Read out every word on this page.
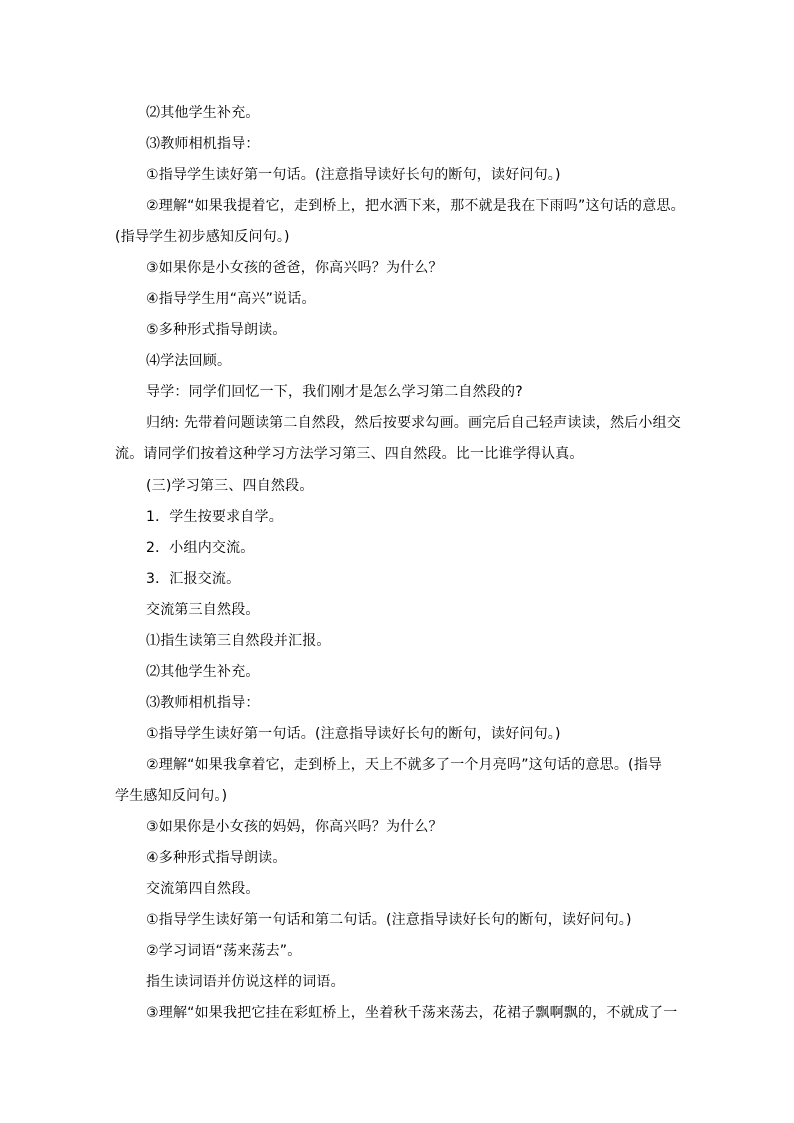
⑵其他学生补充。
⑶教师相机指导：
①指导学生读好第一句话。(注意指导读好长句的断句，读好问句。)
②理解“如果我提着它，走到桥上，把水洒下来，那不就是我在下雨吗”这句话的意思。
(指导学生初步感知反问句。)
③如果你是小女孩的爸爸，你高兴吗？为什么？
④指导学生用“高兴”说话。
⑤多种形式指导朗读。
⑷学法回顾。
导学：同学们回忆一下，我们刚才是怎么学习第二自然段的?
归纳: 先带着问题读第二自然段，然后按要求勾画。画完后自己轻声读读，然后小组交
流。请同学们按着这种学习方法学习第三、四自然段。比一比谁学得认真。
(三)学习第三、四自然段。
1．学生按要求自学。
2．小组内交流。
3．汇报交流。
交流第三自然段。
⑴指生读第三自然段并汇报。
⑵其他学生补充。
⑶教师相机指导：
①指导学生读好第一句话。(注意指导读好长句的断句，读好问句。)
②理解“如果我拿着它，走到桥上，天上不就多了一个月亮吗”这句话的意思。(指导
学生感知反问句。)
③如果你是小女孩的妈妈，你高兴吗？为什么？
④多种形式指导朗读。
交流第四自然段。
①指导学生读好第一句话和第二句话。(注意指导读好长句的断句，读好问句。)
②学习词语“荡来荡去”。
指生读词语并仿说这样的词语。
③理解“如果我把它挂在彩虹桥上，坐着秋千荡来荡去，花裙子飘啊飘的，不就成了一
